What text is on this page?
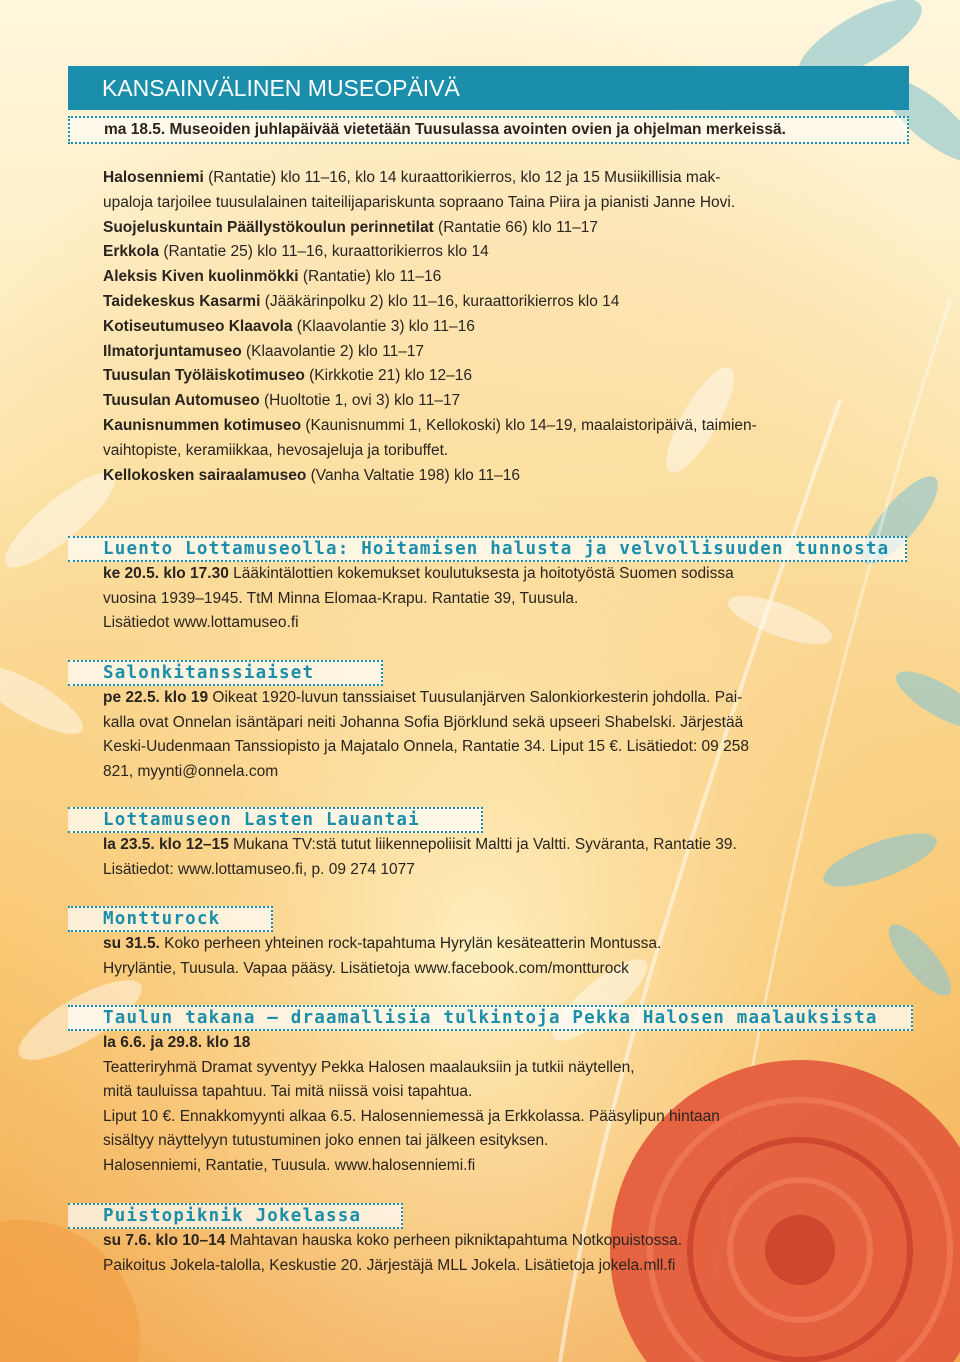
KANSAINVÄLINEN MUSEOPÄIVÄ
ma 18.5. Museoiden juhlapäivää vietetään Tuusulassa avointen ovien ja ohjelman merkeissä.
Halosenniemi (Rantatie) klo 11–16, klo 14 kuraattorikierros, klo 12 ja 15 Musiikillisia mak-
upaloja tarjoilee tuusulalainen taiteilijapariskunta sopraano Taina Piira ja pianisti Janne Hovi.
Suojeluskuntain Päällystökoulun perinnetilat (Rantatie 66) klo 11–17
Erkkola (Rantatie 25) klo 11–16, kuraattorikierros klo 14
Aleksis Kiven kuolinmökki (Rantatie) klo 11–16
Taidekeskus Kasarmi (Jääkärinpolku 2) klo 11–16, kuraattorikierros klo 14
Kotiseutumuseo Klaavola (Klaavolantie 3) klo 11–16
Ilmatorjuntamuseo (Klaavolantie 2) klo 11–17
Tuusulan Työläiskotimuseo (Kirkkotie 21) klo 12–16
Tuusulan Automuseo (Huoltotie 1, ovi 3) klo 11–17
Kaunisnummen kotimuseo (Kaunisnummi 1, Kellokoski) klo 14–19, maalaistoripäivä, taimien-
vaihtopiste, keramiikkaa, hevosajeluja ja toribuffet.
Kellokosken sairaalamuseo (Vanha Valtatie 198) klo 11–16
Luento Lottamuseolla: Hoitamisen halusta ja velvollisuuden tunnosta
ke 20.5. klo 17.30 Lääkintälottien kokemukset koulutuksesta ja hoitotyöstä Suomen sodissa
vuosina 1939–1945. TtM Minna Elomaa-Krapu. Rantatie 39, Tuusula.
Lisätiedot www.lottamuseo.fi
Salonkitanssiaiset
pe 22.5. klo 19 Oikeat 1920-luvun tanssiaiset Tuusulanjärven Salonkiorkesterin johdolla. Pai-
kalla ovat Onnelan isäntäpari neiti Johanna Sofia Björklund sekä upseeri Shabelski. Järjestää
Keski-Uudenmaan Tanssiopisto ja Majatalo Onnela, Rantatie 34. Liput 15 €. Lisätiedot: 09 258
821, myynti@onnela.com
Lottamuseon Lasten Lauantai
la 23.5. klo 12–15 Mukana TV:stä tutut liikennepoliisit Maltti ja Valtti. Syväranta, Rantatie 39.
Lisätiedot: www.lottamuseo.fi, p. 09 274 1077
Montturock
su 31.5. Koko perheen yhteinen rock-tapahtuma Hyrylän kesäteatterin Montussa.
Hyryläntie, Tuusula. Vapaa pääsy. Lisätietoja www.facebook.com/montturock
Taulun takana – draamallisia tulkintoja Pekka Halosen maalauksista
la 6.6. ja 29.8. klo 18
Teatteriryhmä Dramat syventyy Pekka Halosen maalauksiin ja tutkii näytellen,
mitä tauluissa tapahtuu. Tai mitä niissä voisi tapahtua.
Liput 10 €. Ennakkomyynti alkaa 6.5. Halosenniemessä ja Erkkolassa. Pääsylipun hintaan
sisältyy näyttelyyn tutustuminen joko ennen tai jälkeen esityksen.
Halosenniemi, Rantatie, Tuusula. www.halosenniemi.fi
Puistopiknik Jokelassa
su 7.6. klo 10–14 Mahtavan hauska koko perheen pikniktapahtuma Notkopuistossa.
Paikoitus Jokela-talolla, Keskustie 20. Järjestäjä MLL Jokela. Lisätietoja jokela.mll.fi
